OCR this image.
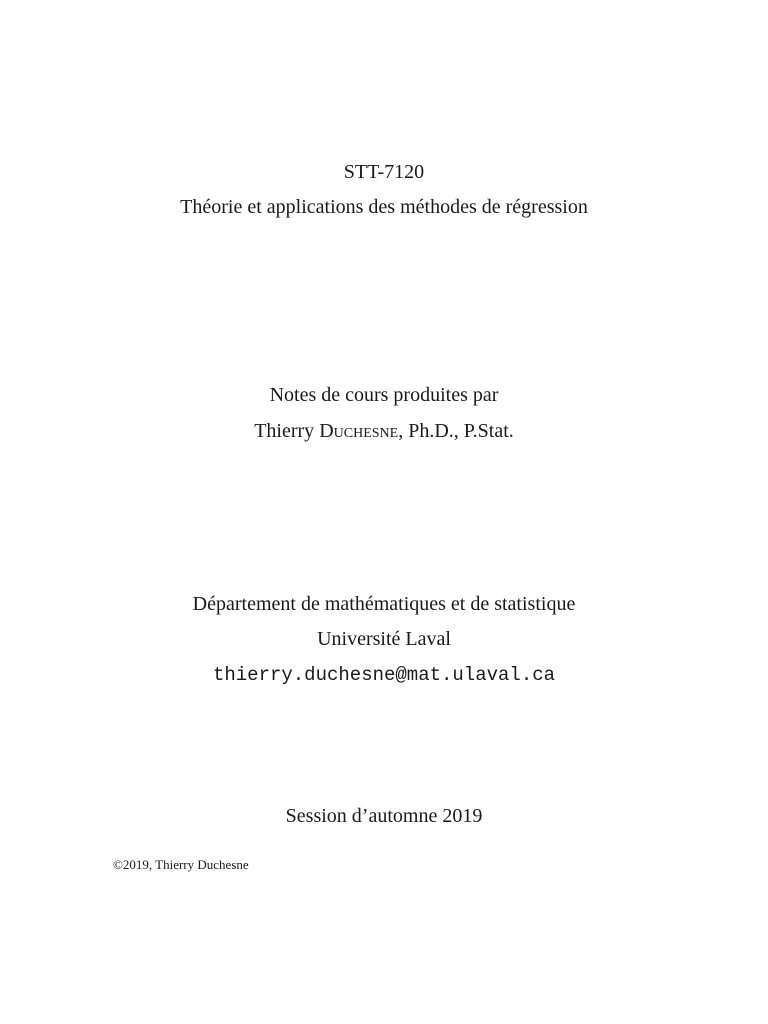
STT-7120
Théorie et applications des méthodes de régression
Notes de cours produites par
Thierry Duchesne, Ph.D., P.Stat.
Département de mathématiques et de statistique
Université Laval
thierry.duchesne@mat.ulaval.ca
Session d’automne 2019
©2019, Thierry Duchesne
